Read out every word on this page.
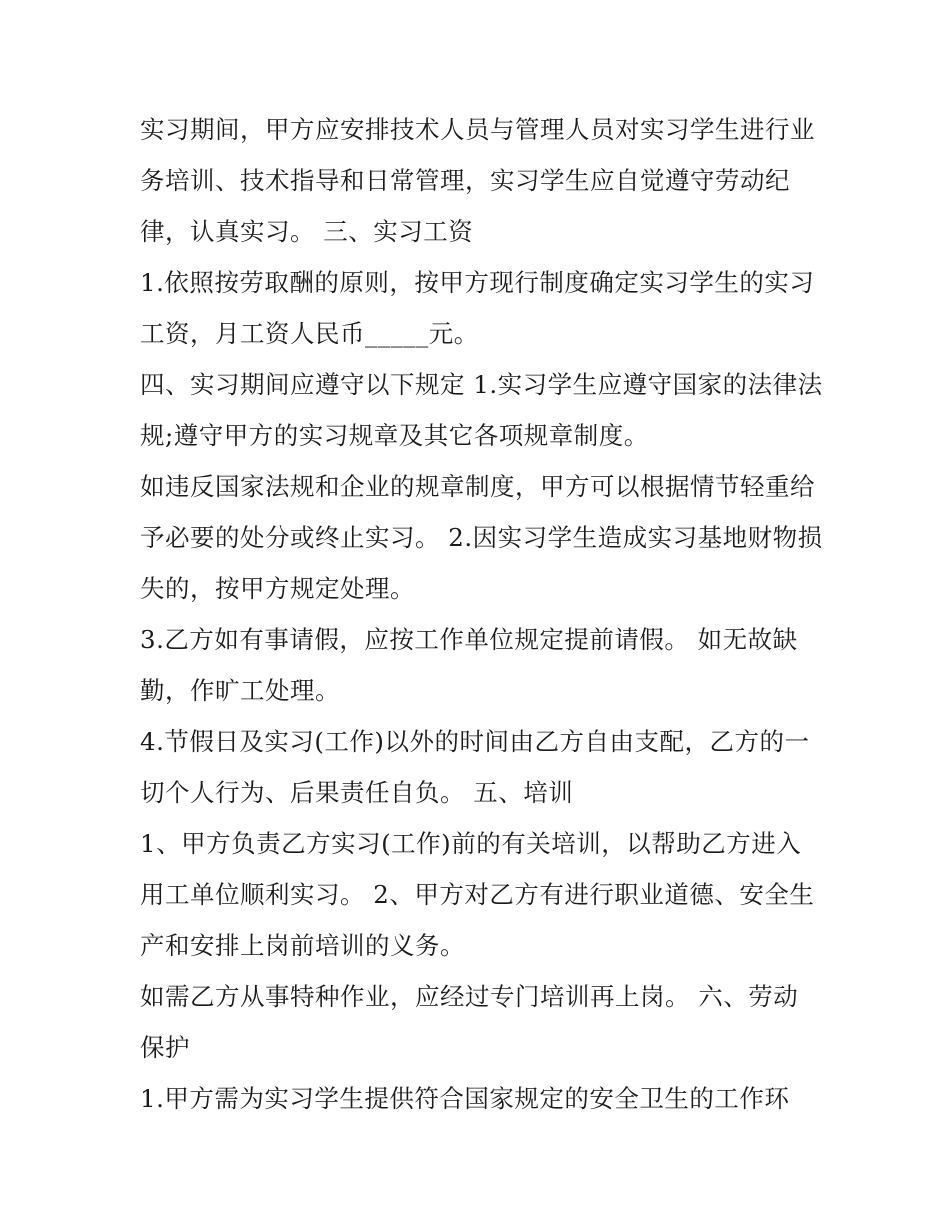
实习期间，甲方应安排技术人员与管理人员对实习学生进行业

务培训、技术指导和日常管理，实习学生应自觉遵守劳动纪

律，认真实习。 三、实习工资

1.依照按劳取酬的原则，按甲方现行制度确定实习学生的实习

工资，月工资人民币_____元。

四、实习期间应遵守以下规定 1.实习学生应遵守国家的法律法

规;遵守甲方的实习规章及其它各项规章制度。

如违反国家法规和企业的规章制度，甲方可以根据情节轻重给

予必要的处分或终止实习。 2.因实习学生造成实习基地财物损

失的，按甲方规定处理。

3.乙方如有事请假，应按工作单位规定提前请假。 如无故缺

勤，作旷工处理。

4.节假日及实习(工作)以外的时间由乙方自由支配，乙方的一

切个人行为、后果责任自负。 五、培训

1、甲方负责乙方实习(工作)前的有关培训，以帮助乙方进入

用工单位顺利实习。 2、甲方对乙方有进行职业道德、安全生

产和安排上岗前培训的义务。

如需乙方从事特种作业，应经过专门培训再上岗。 六、劳动

保护

1.甲方需为实习学生提供符合国家规定的安全卫生的工作环
